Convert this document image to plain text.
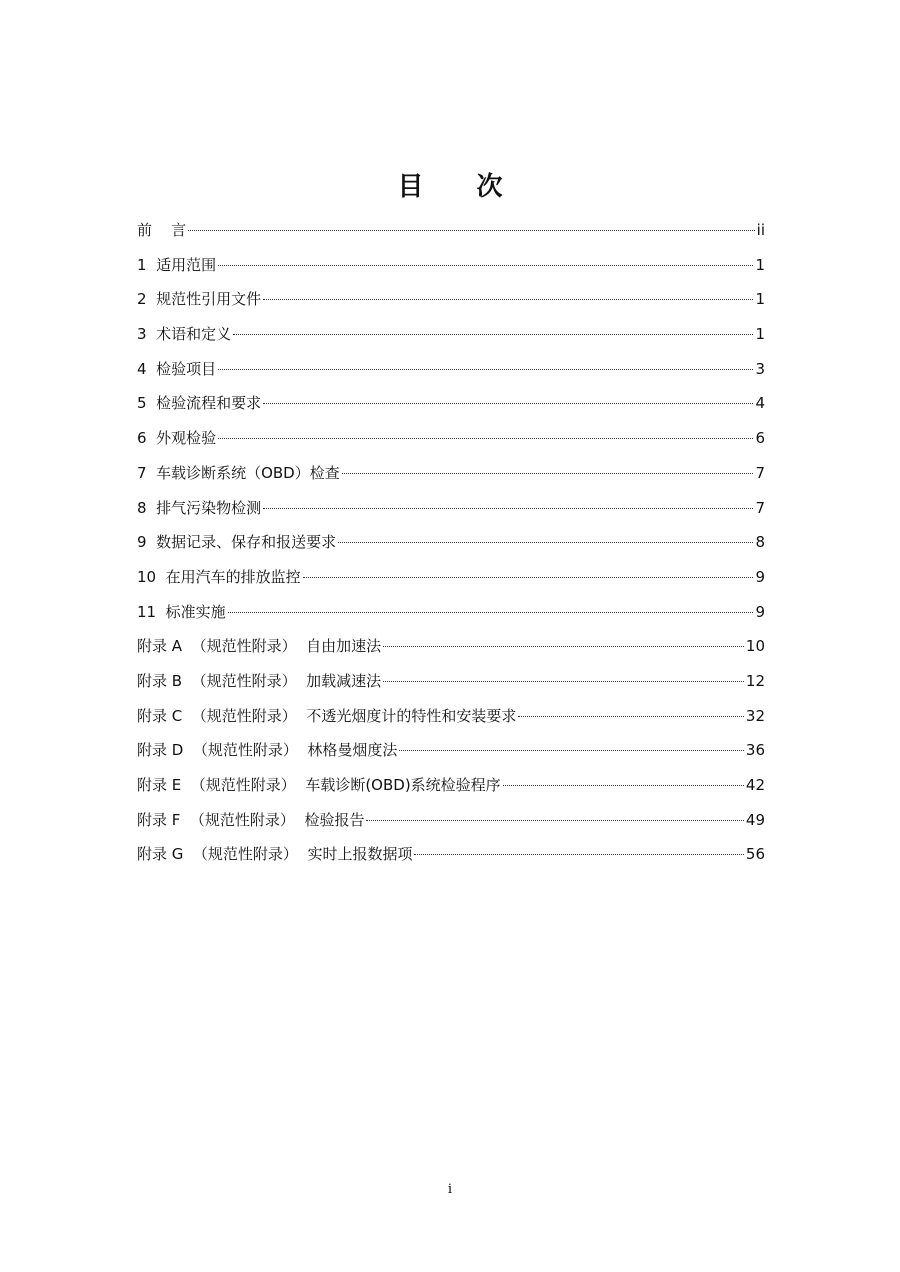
目 次
前    言	ii
1  适用范围	1
2  规范性引用文件	1
3  术语和定义	1
4  检验项目	3
5  检验流程和要求	4
6  外观检验	6
7  车载诊断系统（OBD）检查	7
8  排气污染物检测	7
9  数据记录、保存和报送要求	8
10  在用汽车的排放监控	9
11  标准实施	9
附录 A  （规范性附录）  自由加速法	10
附录 B  （规范性附录）  加载减速法	12
附录 C  （规范性附录）  不透光烟度计的特性和安装要求	32
附录 D  （规范性附录）  林格曼烟度法	36
附录 E  （规范性附录）  车载诊断(OBD)系统检验程序	42
附录 F  （规范性附录）  检验报告	49
附录 G  （规范性附录）  实时上报数据项	56
i
